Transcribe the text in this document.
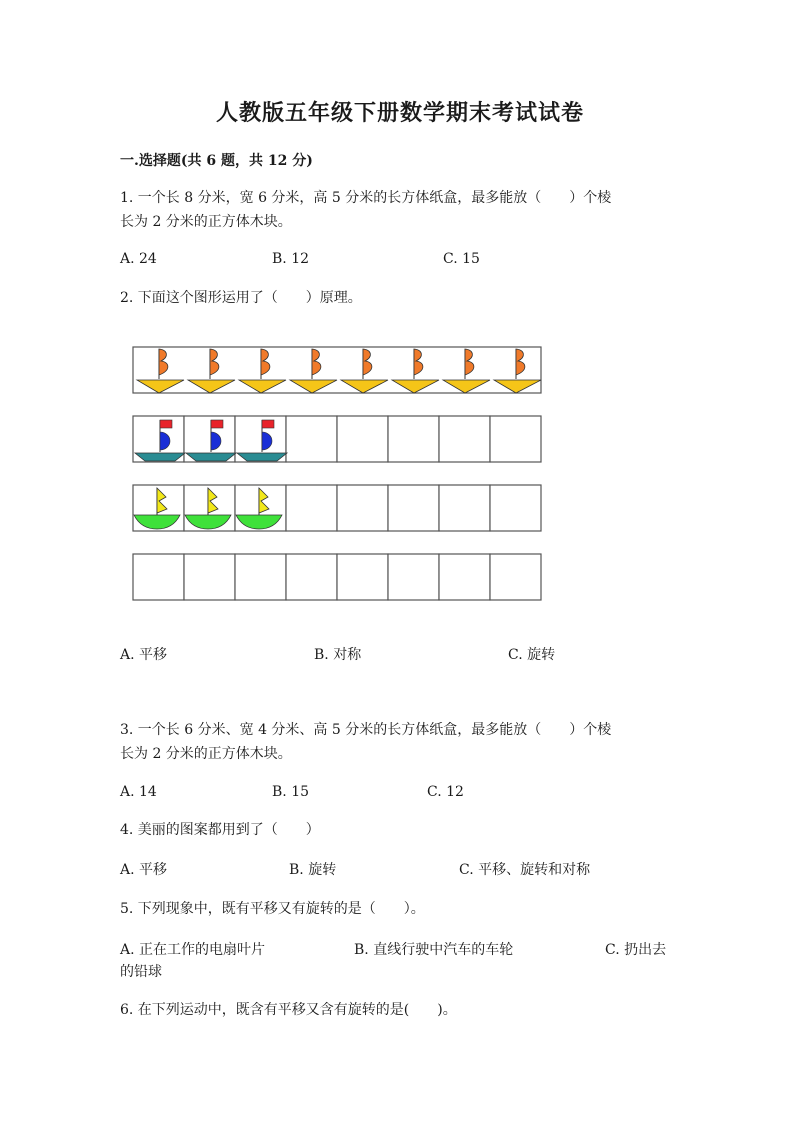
人教版五年级下册数学期末考试试卷
一.选择题(共 6 题，共 12 分)
1. 一个长 8 分米，宽 6 分米，高 5 分米的长方体纸盒，最多能放（　　）个棱
长为 2 分米的正方体木块。
A. 24	B. 12	C. 15
2. 下面这个图形运用了（　　）原理。
A. 平移	B. 对称	C. 旋转
3. 一个长 6 分米、宽 4 分米、高 5 分米的长方体纸盒，最多能放（　　）个棱
长为 2 分米的正方体木块。
A. 14	B. 15	C. 12
4. 美丽的图案都用到了（　　）
A. 平移	B. 旋转	C. 平移、旋转和对称
5. 下列现象中，既有平移又有旋转的是（　　）。
A. 正在工作的电扇叶片	B. 直线行驶中汽车的车轮	C. 扔出去
的铅球
6. 在下列运动中，既含有平移又含有旋转的是(　　)。
